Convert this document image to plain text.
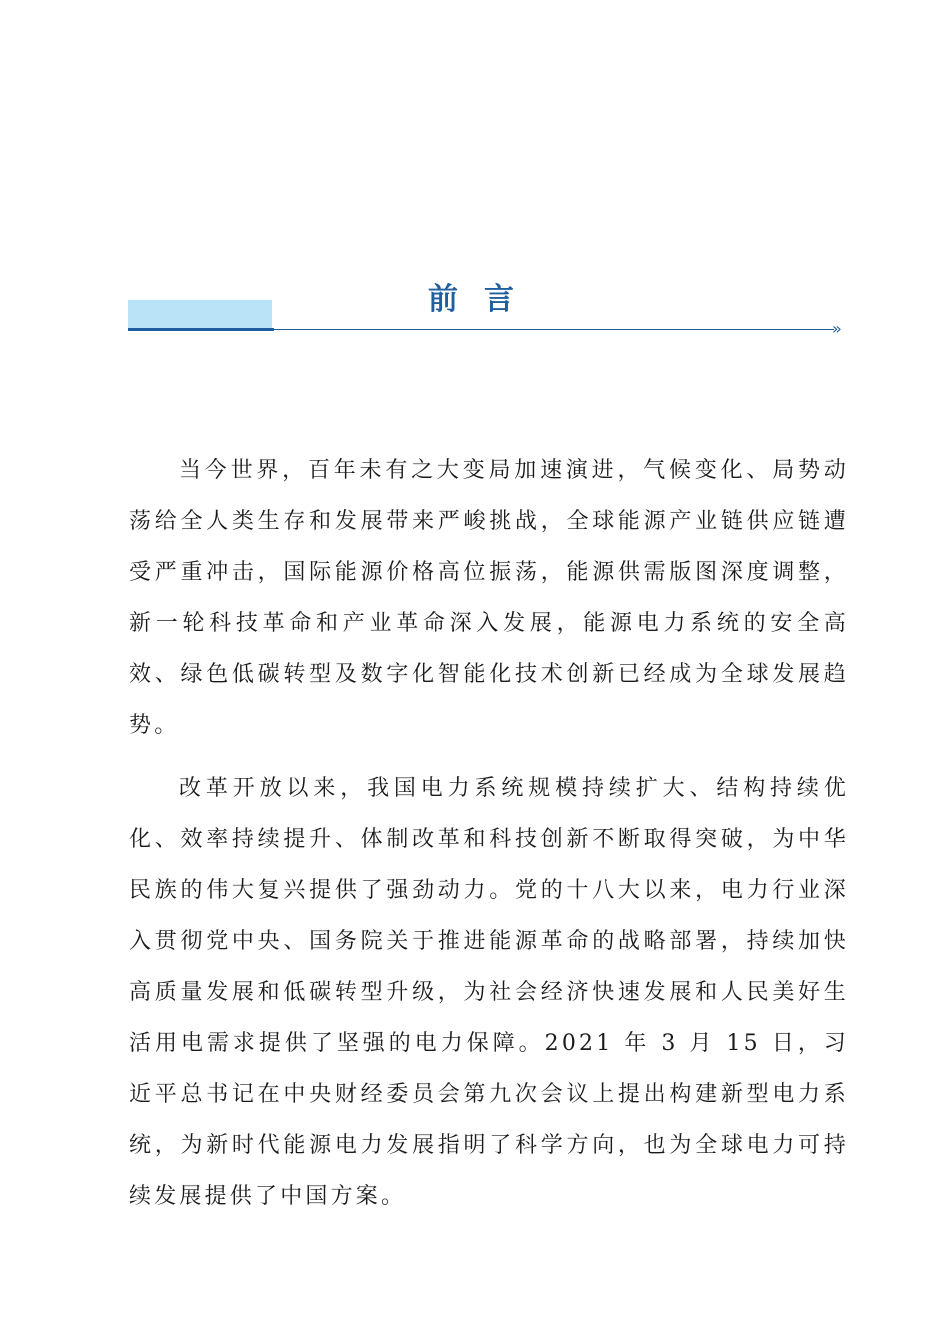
»
前言

当今世界，百年未有之大变局加速演进，气候变化、局势动荡给全人类生存和发展带来严峻挑战，全球能源产业链供应链遭受严重冲击，国际能源价格高位振荡，能源供需版图深度调整，新一轮科技革命和产业革命深入发展，能源电力系统的安全高效、绿色低碳转型及数字化智能化技术创新已经成为全球发展趋势。

改革开放以来，我国电力系统规模持续扩大、结构持续优化、效率持续提升、体制改革和科技创新不断取得突破，为中华民族的伟大复兴提供了强劲动力。党的十八大以来，电力行业深入贯彻党中央、国务院关于推进能源革命的战略部署，持续加快高质量发展和低碳转型升级，为社会经济快速发展和人民美好生活用电需求提供了坚强的电力保障。2021 年 3 月 15 日，习近平总书记在中央财经委员会第九次会议上提出构建新型电力系统，为新时代能源电力发展指明了科学方向，也为全球电力可持续发展提供了中国方案。
